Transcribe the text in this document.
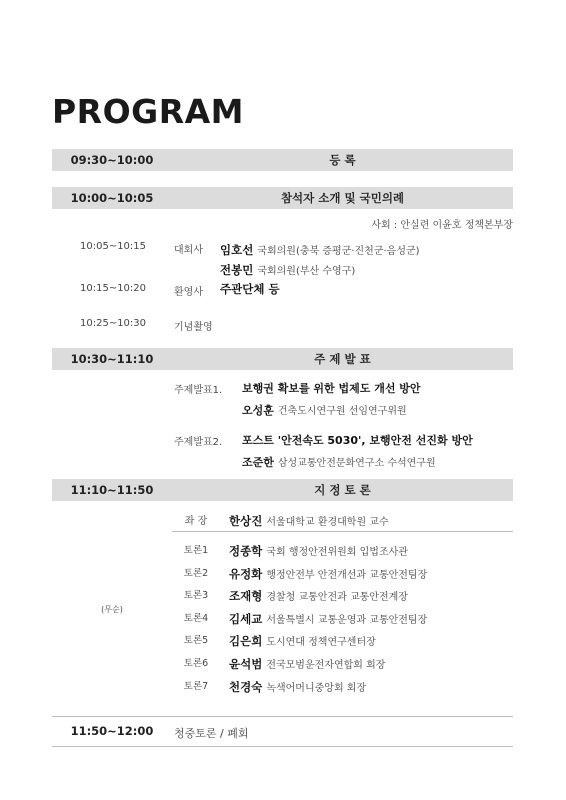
PROGRAM
09:30~10:00	등 록
10:00~10:05	참석자 소개 및 국민의례
사회 : 안실련 이윤호 정책본부장
10:05~10:15	대회사 임호선 국회의원(충북 증평군·진천군·음성군)
전봉민 국회의원(부산 수영구)
10:15~10:20	환영사 주관단체 등
10:25~10:30	기념촬영
10:30~11:10	주 제 발 표
주제발표1. 보행권 확보를 위한 법제도 개선 방안
오성훈 건축도시연구원 선임연구위원
주제발표2. 포스트 '안전속도 5030', 보행안전 선진화 방안
조준한 삼성교통안전문화연구소 수석연구원
11:10~11:50	지 정 토 론
좌 장	한상진 서울대학교 환경대학원 교수
(무순)
토론1	정종학 국회 행정안전위원회 입법조사관
토론2	유정화 행정안전부 안전개선과 교통안전팀장
토론3	조재형 경찰청 교통안전과 교통안전계장
토론4	김세교 서울특별시 교통운영과 교통안전팀장
토론5	김은희 도시연대 정책연구센터장
토론6	윤석범 전국모범운전자연합회 회장
토론7	천경숙 녹색어머니중앙회 회장
11:50~12:00	청중토론 / 폐회
